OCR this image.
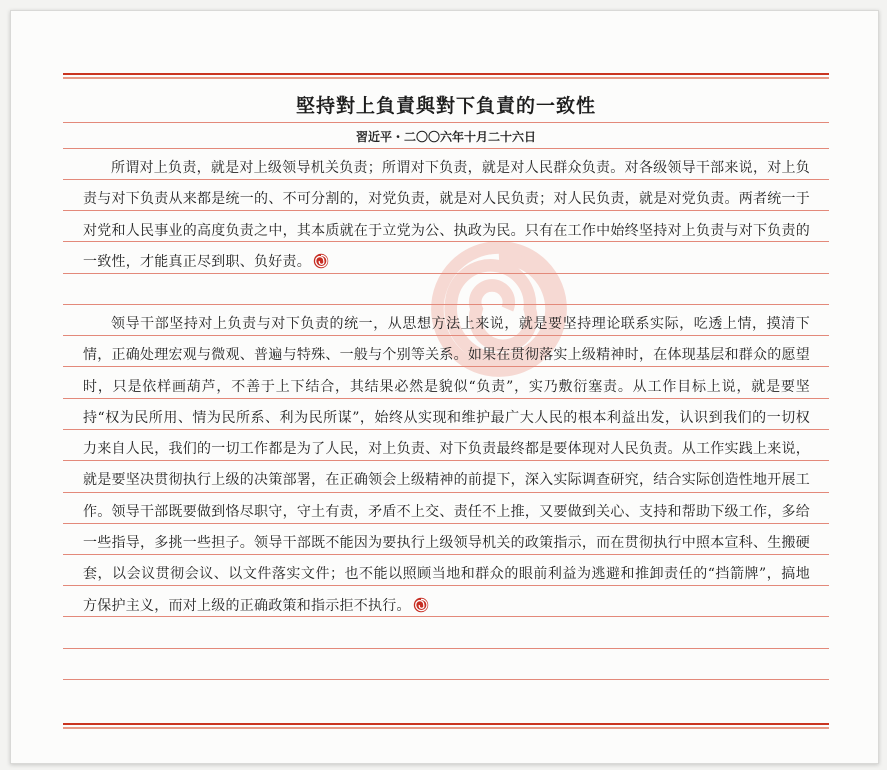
堅持對上負責與對下負責的一致性
習近平・二〇〇六年十月二十六日
所谓对上负责，就是对上级领导机关负责；所谓对下负责，就是对人民群众负责。对各级领导干部来说，对上负责与对下负责从来都是统一的、不可分割的，对党负责，就是对人民负责；对人民负责，就是对党负责。两者统一于对党和人民事业的高度负责之中，其本质就在于立党为公、执政为民。只有在工作中始终坚持对上负责与对下负责的一致性，才能真正尽到职、负好责。
领导干部坚持对上负责与对下负责的统一，从思想方法上来说，就是要坚持理论联系实际，吃透上情，摸清下情，正确处理宏观与微观、普遍与特殊、一般与个别等关系。如果在贯彻落实上级精神时，在体现基层和群众的愿望时，只是依样画葫芦，不善于上下结合，其结果必然是貌似“负责”，实乃敷衍塞责。从工作目标上说，就是要坚持“权为民所用、情为民所系、利为民所谋”，始终从实现和维护最广大人民的根本利益出发，认识到我们的一切权力来自人民，我们的一切工作都是为了人民，对上负责、对下负责最终都是要体现对人民负责。从工作实践上来说，就是要坚决贯彻执行上级的决策部署，在正确领会上级精神的前提下，深入实际调查研究，结合实际创造性地开展工作。领导干部既要做到恪尽职守，守土有责，矛盾不上交、责任不上推，又要做到关心、支持和帮助下级工作，多给一些指导，多挑一些担子。领导干部既不能因为要执行上级领导机关的政策指示，而在贯彻执行中照本宣科、生搬硬套，以会议贯彻会议、以文件落实文件；也不能以照顾当地和群众的眼前利益为逃避和推卸责任的“挡箭牌”，搞地方保护主义，而对上级的正确政策和指示拒不执行。
